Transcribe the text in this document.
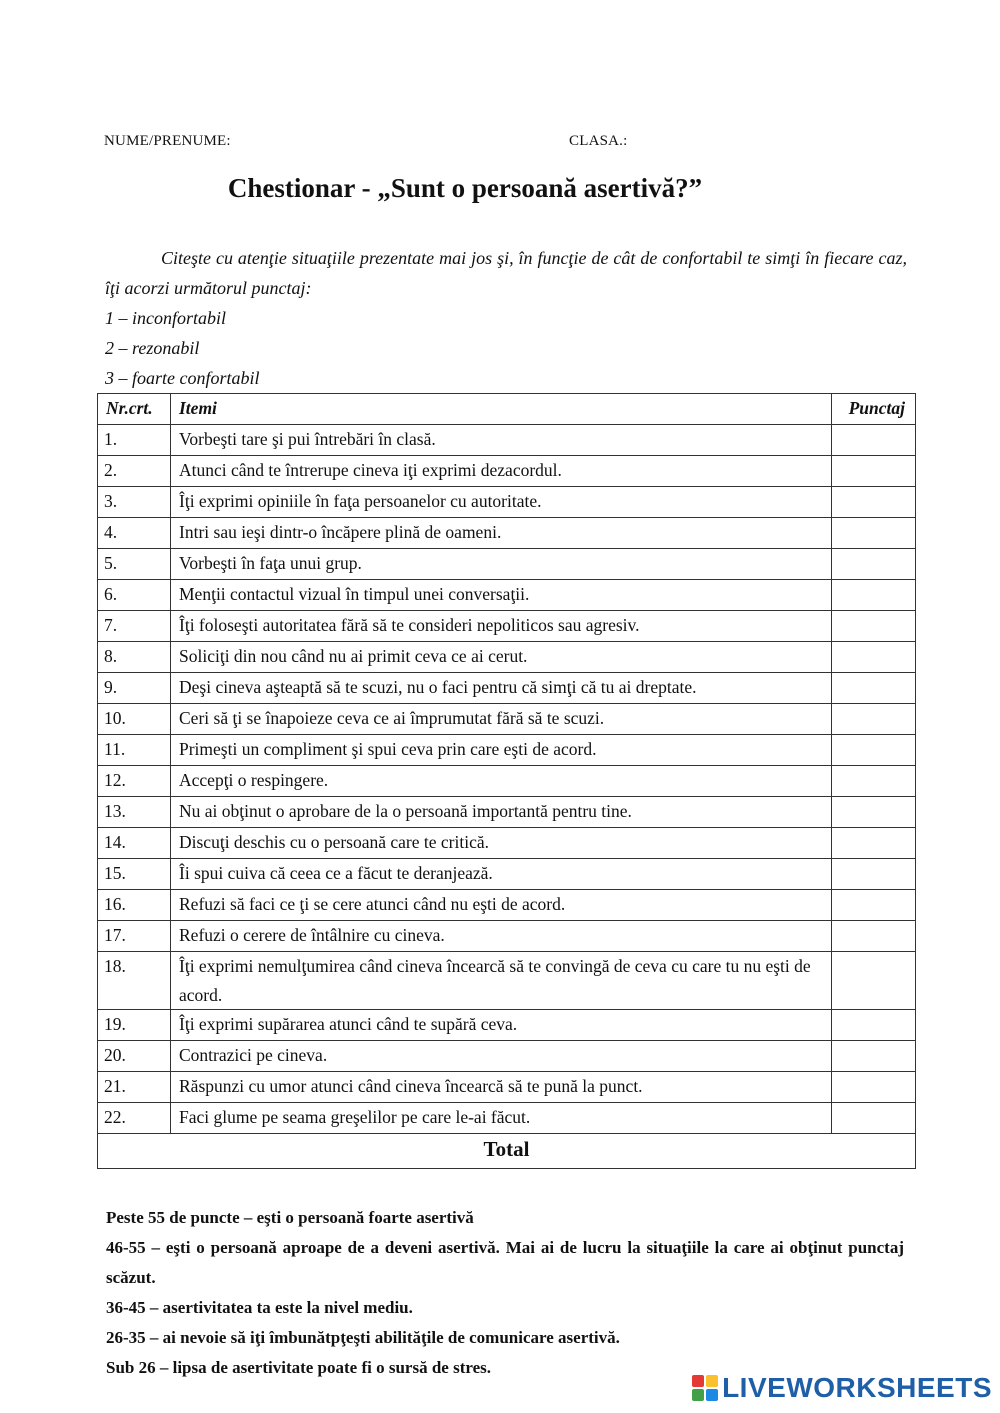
NUME/PRENUME:	CLASA.:
Chestionar - „Sunt o persoană asertivă?”

Citeşte cu atenţie situaţiile prezentate mai jos şi, în funcţie de cât de confortabil te simţi în fiecare caz, îţi acorzi următorul punctaj:

1 – inconfortabil

2 – rezonabil

3 – foarte confortabil

Nr.crt.	Itemi	Punctaj
1.	Vorbeşti tare şi pui întrebări în clasă.	
2.	Atunci când te întrerupe cineva iţi exprimi dezacordul.	
3.	Îţi exprimi opiniile în faţa persoanelor cu autoritate.	
4.	Intri sau ieşi dintr-o încăpere plină de oameni.	
5.	Vorbeşti în faţa unui grup.	
6.	Menţii contactul vizual în timpul unei conversaţii.	
7.	Îţi foloseşti autoritatea fără să te consideri nepoliticos sau agresiv.	
8.	Soliciţi din nou când nu ai primit ceva ce ai cerut.	
9.	Deşi cineva aşteaptă să te scuzi, nu o faci pentru că simţi că tu ai dreptate.	
10.	Ceri să ţi se înapoieze ceva ce ai împrumutat fără să te scuzi.	
11.	Primeşti un compliment şi spui ceva prin care eşti de acord.	
12.	Accepţi o respingere.	
13.	Nu ai obţinut o aprobare de la o persoană importantă pentru tine.	
14.	Discuţi deschis cu o persoană care te critică.	
15.	Îi spui cuiva că ceea ce a făcut te deranjează.	
16.	Refuzi să faci ce ţi se cere atunci când nu eşti de acord.	
17.	Refuzi o cerere de întâlnire cu cineva.	
18.	Îţi exprimi nemulţumirea când cineva încearcă să te convingă de ceva cu care tu nu eşti de acord.	
19.	Îţi exprimi supărarea atunci când te supără ceva.	
20.	Contrazici pe cineva.	
21.	Răspunzi cu umor atunci când cineva încearcă să te pună la punct.	
22.	Faci glume pe seama greşelilor pe care le-ai făcut.	
Total		

Peste 55 de puncte – eşti o persoană foarte asertivă

46-55 – eşti o persoană aproape de a deveni asertivă. Mai ai de lucru la situaţiile la care ai obţinut punctaj scăzut.

36-45 – asertivitatea ta este la nivel mediu.

26-35 – ai nevoie să iţi îmbunătpţeşti abilităţile de comunicare asertivă.

Sub 26 – lipsa de asertivitate poate fi o sursă de stres.

LIVEWORKSHEETS
